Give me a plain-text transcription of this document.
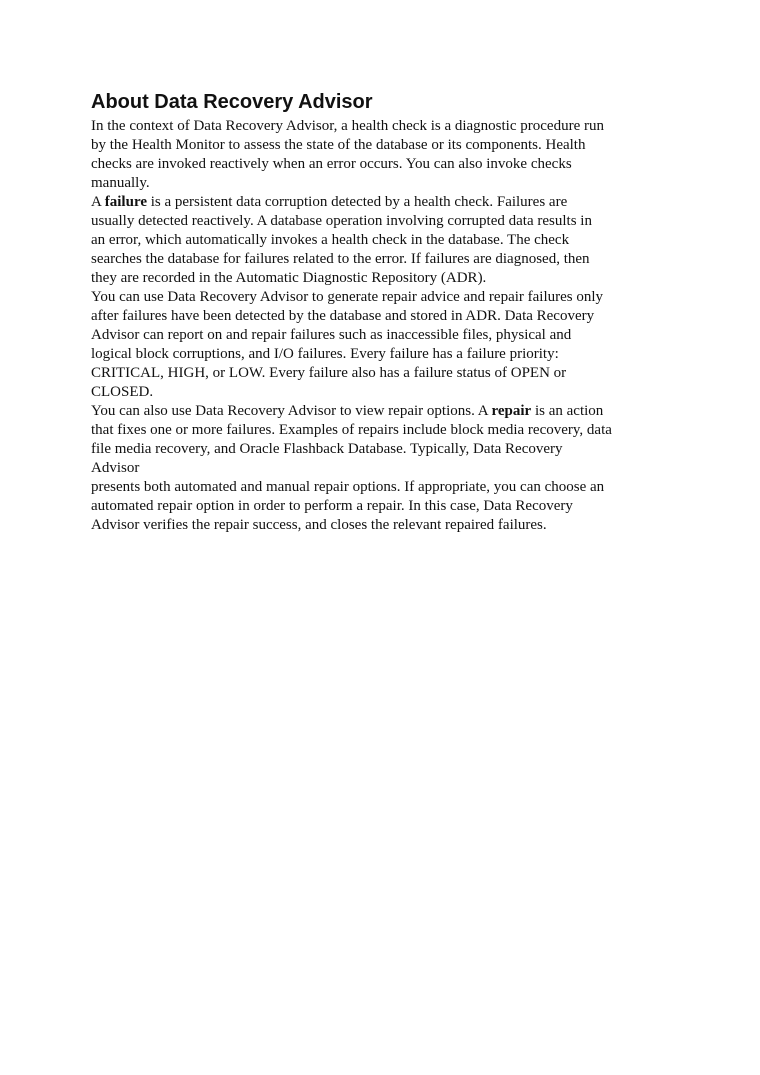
About Data Recovery Advisor

In the context of Data Recovery Advisor, a health check is a diagnostic procedure run
by the Health Monitor to assess the state of the database or its components. Health
checks are invoked reactively when an error occurs. You can also invoke checks
manually.

A failure is a persistent data corruption detected by a health check. Failures are
usually detected reactively. A database operation involving corrupted data results in
an error, which automatically invokes a health check in the database. The check
searches the database for failures related to the error. If failures are diagnosed, then
they are recorded in the Automatic Diagnostic Repository (ADR).

You can use Data Recovery Advisor to generate repair advice and repair failures only
after failures have been detected by the database and stored in ADR. Data Recovery
Advisor can report on and repair failures such as inaccessible files, physical and
logical block corruptions, and I/O failures. Every failure has a failure priority:
CRITICAL, HIGH, or LOW. Every failure also has a failure status of OPEN or
CLOSED.

You can also use Data Recovery Advisor to view repair options. A repair is an action
that fixes one or more failures. Examples of repairs include block media recovery, data
file media recovery, and Oracle Flashback Database. Typically, Data Recovery
Advisor

presents both automated and manual repair options. If appropriate, you can choose an
automated repair option in order to perform a repair. In this case, Data Recovery
Advisor verifies the repair success, and closes the relevant repaired failures.
